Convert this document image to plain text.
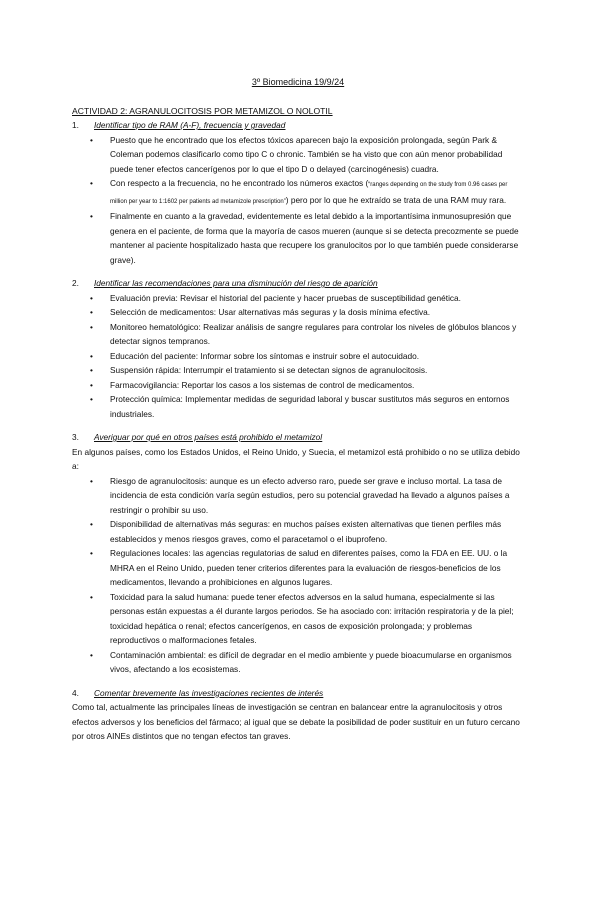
3º Biomedicina 19/9/24
ACTIVIDAD 2: AGRANULOCITOSIS POR METAMIZOL O NOLOTIL
1.	Identificar tipo de RAM (A-F), frecuencia y gravedad
• Puesto que he encontrado que los efectos tóxicos aparecen bajo la exposición prolongada, según Park & Coleman podemos clasificarlo como tipo C o chronic. También se ha visto que con aún menor probabilidad puede tener efectos cancerígenos por lo que el tipo D o delayed (carcinogénesis) cuadra.
• Con respecto a la frecuencia, no he encontrado los números exactos (“ranges depending on the study from 0.96 cases per million per year to 1:1602 per patients ad metamizole prescription”) pero por lo que he extraído se trata de una RAM muy rara.
• Finalmente en cuanto a la gravedad, evidentemente es letal debido a la importantísima inmunosupresión que genera en el paciente, de forma que la mayoría de casos mueren (aunque si se detecta precozmente se puede mantener al paciente hospitalizado hasta que recupere los granulocitos por lo que también puede considerarse grave).
2.	Identificar las recomendaciones para una disminución del riesgo de aparición
• Evaluación previa: Revisar el historial del paciente y hacer pruebas de susceptibilidad genética.
• Selección de medicamentos: Usar alternativas más seguras y la dosis mínima efectiva.
• Monitoreo hematológico: Realizar análisis de sangre regulares para controlar los niveles de glóbulos blancos y detectar signos tempranos.
• Educación del paciente: Informar sobre los síntomas e instruir sobre el autocuidado.
• Suspensión rápida: Interrumpir el tratamiento si se detectan signos de agranulocitosis.
• Farmacovigilancia: Reportar los casos a los sistemas de control de medicamentos.
• Protección química: Implementar medidas de seguridad laboral y buscar sustitutos más seguros en entornos industriales.
3.	Averiguar por qué en otros países está prohibido el metamizol

En algunos países, como los Estados Unidos, el Reino Unido, y Suecia, el metamizol está prohibido o no se utiliza debido a:

• Riesgo de agranulocitosis: aunque es un efecto adverso raro, puede ser grave e incluso mortal. La tasa de incidencia de esta condición varía según estudios, pero su potencial gravedad ha llevado a algunos países a restringir o prohibir su uso.
• Disponibilidad de alternativas más seguras: en muchos países existen alternativas que tienen perfiles más establecidos y menos riesgos graves, como el paracetamol o el ibuprofeno.
• Regulaciones locales: las agencias regulatorias de salud en diferentes países, como la FDA en EE. UU. o la MHRA en el Reino Unido, pueden tener criterios diferentes para la evaluación de riesgos-beneficios de los medicamentos, llevando a prohibiciones en algunos lugares.
• Toxicidad para la salud humana: puede tener efectos adversos en la salud humana, especialmente si las personas están expuestas a él durante largos periodos. Se ha asociado con: irritación respiratoria y de la piel; toxicidad hepática o renal; efectos cancerígenos, en casos de exposición prolongada; y problemas reproductivos o malformaciones fetales.
• Contaminación ambiental: es difícil de degradar en el medio ambiente y puede bioacumularse en organismos vivos, afectando a los ecosistemas.
4.	Comentar brevemente las investigaciones recientes de interés

Como tal, actualmente las principales líneas de investigación se centran en balancear entre la agranulocitosis y otros efectos adversos y los beneficios del fármaco; al igual que se debate la posibilidad de poder sustituir en un futuro cercano por otros AINEs distintos que no tengan efectos tan graves.
